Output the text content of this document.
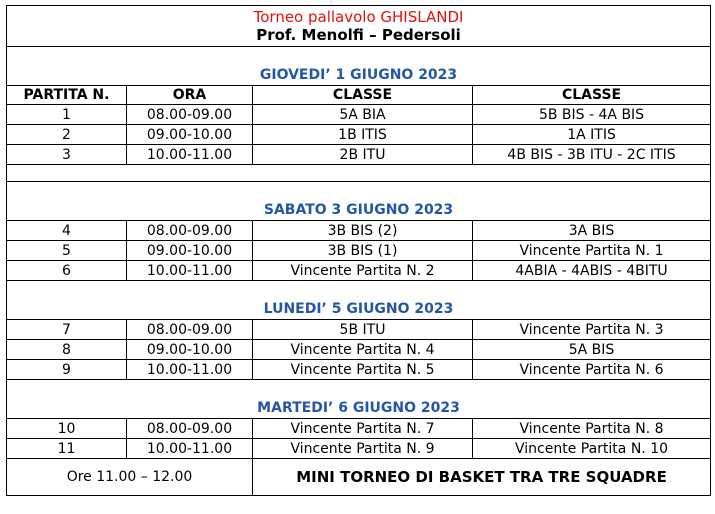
Torneo pallavolo GHISLANDI
Prof. Menolfi – Pedersoli			

GIOVEDI’ 1 GIUGNO 2023			
PARTITA N.	ORA	CLASSE	CLASSE
1	08.00-09.00	5A BIA	5B BIS - 4A BIS
2	09.00-10.00	1B ITIS	1A ITIS
3	10.00-11.00	2B ITU	4B BIS - 3B ITU - 2C ITIS

SABATO 3 GIUGNO 2023			
4	08.00-09.00	3B BIS (2)	3A BIS
5	09.00-10.00	3B BIS (1)	Vincente Partita N. 1
6	10.00-11.00	Vincente Partita N. 2	4ABIA - 4ABIS - 4BITU
LUNEDI’ 5 GIUGNO 2023			
7	08.00-09.00	5B ITU	Vincente Partita N. 3
8	09.00-10.00	Vincente Partita N. 4	5A BIS
9	10.00-11.00	Vincente Partita N. 5	Vincente Partita N. 6
MARTEDI’ 6 GIUGNO 2023			
10	08.00-09.00	Vincente Partita N. 7	Vincente Partita N. 8
11	10.00-11.00	Vincente Partita N. 9	Vincente Partita N. 10
Ore 11.00 – 12.00		MINI TORNEO DI BASKET TRA TRE SQUADRE	
